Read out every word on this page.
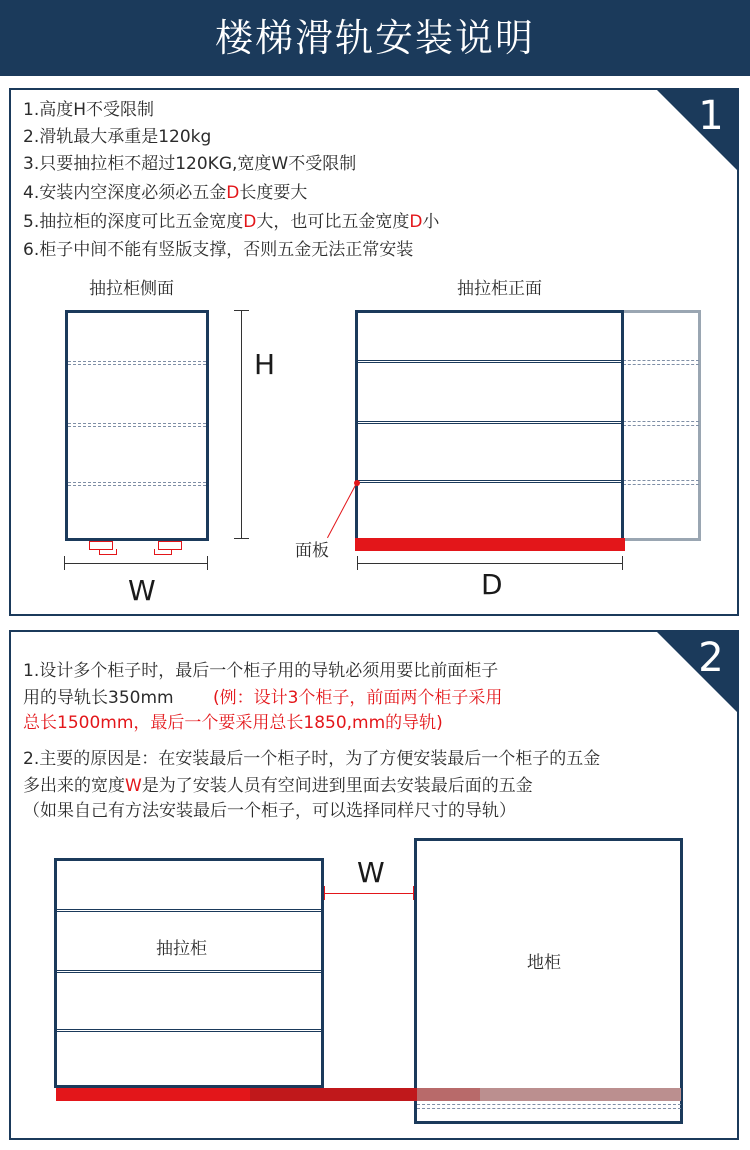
楼梯滑轨安装说明
1
1.高度H不受限制
2.滑轨最大承重是120kg
3.只要抽拉柜不超过120KG,宽度W不受限制
4.安装内空深度必须必五金D长度要大
5.抽拉柜的深度可比五金宽度D大，也可比五金宽度D小
6.柜子中间不能有竖版支撑，否则五金无法正常安装
抽拉柜侧面
W
H
抽拉柜正面
面板
D
2
1.设计多个柜子时，最后一个柜子用的导轨必须用要比前面柜子
用的导轨长350mm (例：设计3个柜子，前面两个柜子采用
总长1500mm，最后一个要采用总长1850,mm的导轨)
2.主要的原因是：在安装最后一个柜子时，为了方便安装最后一个柜子的五金
多出来的宽度W是为了安装人员有空间进到里面去安装最后面的五金
（如果自己有方法安装最后一个柜子，可以选择同样尺寸的导轨）
抽拉柜
地柜
W
